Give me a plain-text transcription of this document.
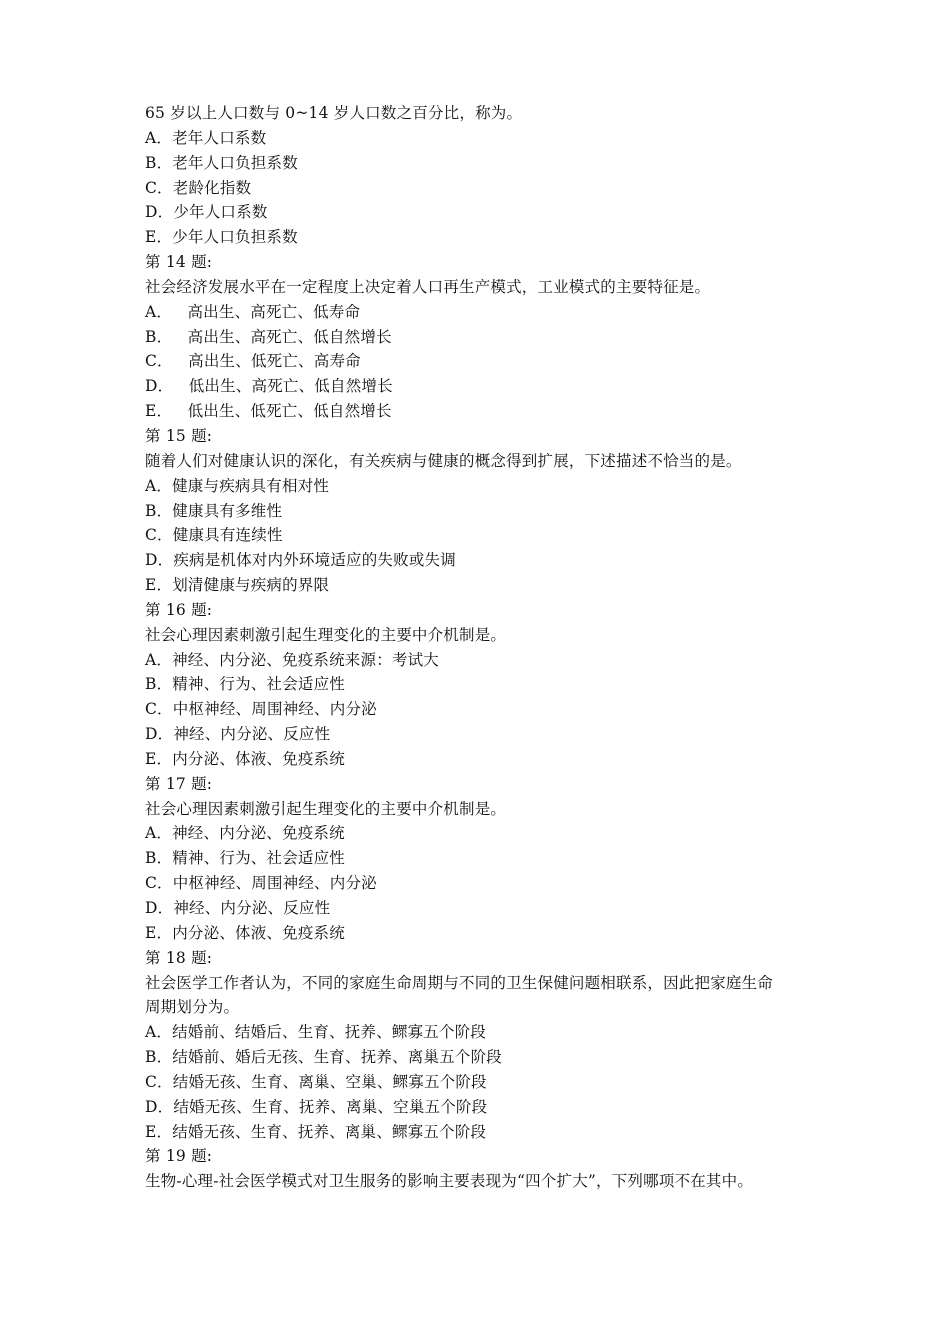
65 岁以上人口数与 0~14 岁人口数之百分比，称为。
A．老年人口系数
B．老年人口负担系数
C．老龄化指数
D．少年人口系数
E．少年人口负担系数
第 14 题:
社会经济发展水平在一定程度上决定着人口再生产模式，工业模式的主要特征是。
A．   高出生、高死亡、低寿命
B．   高出生、高死亡、低自然增长
C．   高出生、低死亡、高寿命
D．   低出生、高死亡、低自然增长
E．   低出生、低死亡、低自然增长
第 15 题:
随着人们对健康认识的深化，有关疾病与健康的概念得到扩展，下述描述不恰当的是。
A．健康与疾病具有相对性
B．健康具有多维性
C．健康具有连续性
D．疾病是机体对内外环境适应的失败或失调
E．划清健康与疾病的界限
第 16 题:
社会心理因素刺激引起生理变化的主要中介机制是。
A．神经、内分泌、免疫系统来源：考试大
B．精神、行为、社会适应性
C．中枢神经、周围神经、内分泌
D．神经、内分泌、反应性
E．内分泌、体液、免疫系统
第 17 题:
社会心理因素刺激引起生理变化的主要中介机制是。
A．神经、内分泌、免疫系统
B．精神、行为、社会适应性
C．中枢神经、周围神经、内分泌
D．神经、内分泌、反应性
E．内分泌、体液、免疫系统
第 18 题:
社会医学工作者认为，不同的家庭生命周期与不同的卫生保健问题相联系，因此把家庭生命
周期划分为。
A．结婚前、结婚后、生育、抚养、鳏寡五个阶段
B．结婚前、婚后无孩、生育、抚养、离巢五个阶段
C．结婚无孩、生育、离巢、空巢、鳏寡五个阶段
D．结婚无孩、生育、抚养、离巢、空巢五个阶段
E．结婚无孩、生育、抚养、离巢、鳏寡五个阶段
第 19 题:
生物-心理-社会医学模式对卫生服务的影响主要表现为“四个扩大”，下列哪项不在其中。
